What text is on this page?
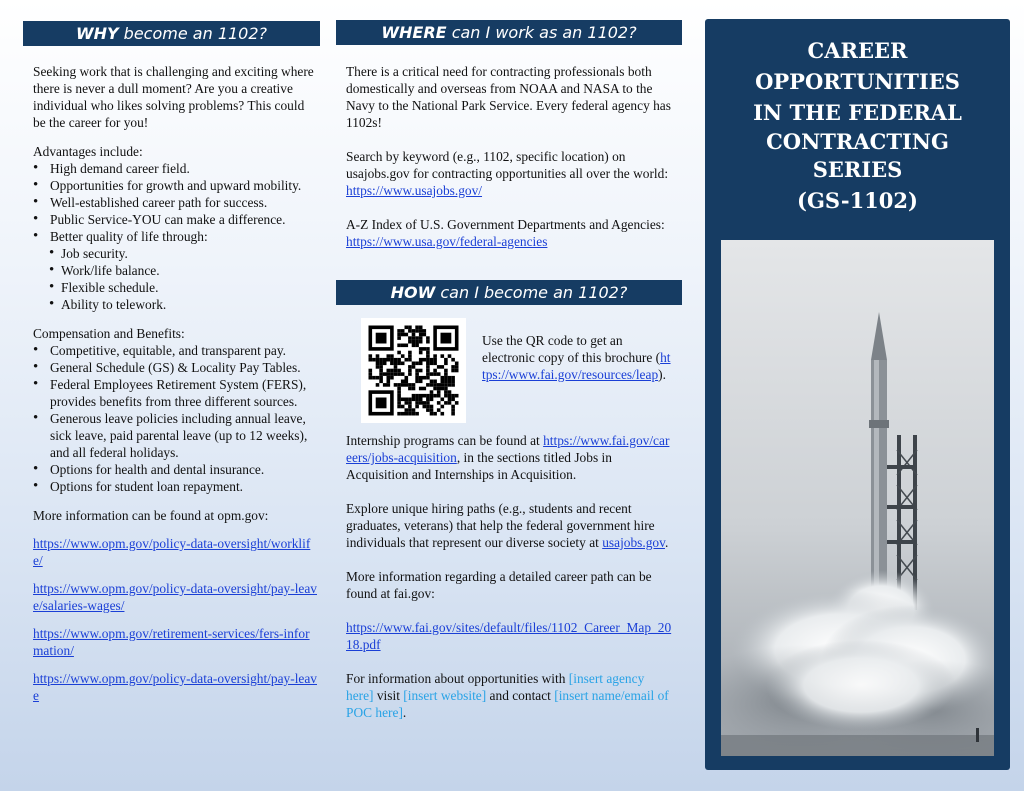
WHY become an 1102?

Seeking work that is challenging and exciting where there is never a dull moment? Are you a creative individual who likes solving problems? This could be the career for you!

Advantages include:

• High demand career field.
• Opportunities for growth and upward mobility.
• Well-established career path for success.
• Public Service-YOU can make a difference.
• Better quality of life through:
• Job security.
• Work/life balance.
• Flexible schedule.
• Ability to telework.

Compensation and Benefits:

• Competitive, equitable, and transparent pay.
• General Schedule (GS) & Locality Pay Tables.
• Federal Employees Retirement System (FERS), provides benefits from three different sources.
• Generous leave policies including annual leave, sick leave, paid parental leave (up to 12 weeks), and all federal holidays.
• Options for health and dental insurance.
• Options for student loan repayment.

More information can be found at opm.gov:

https://www.opm.gov/policy-data-oversight/worklife/

https://www.opm.gov/policy-data-oversight/pay-leave/salaries-wages/

https://www.opm.gov/retirement-services/fers-information/

https://www.opm.gov/policy-data-oversight/pay-leave

WHERE can I work as an 1102?

There is a critical need for contracting professionals both domestically and overseas from NOAA and NASA to the Navy to the National Park Service. Every federal agency has 1102s!

Search by keyword (e.g., 1102, specific location) on usajobs.gov for contracting opportunities all over the world: https://www.usajobs.gov/

A-Z Index of U.S. Government Departments and Agencies: https://www.usa.gov/federal-agencies

HOW can I become an 1102?
Use the QR code to get an electronic copy of this brochure (https://www.fai.gov/resources/leap).

Internship programs can be found at https://www.fai.gov/careers/jobs-acquisition, in the sections titled Jobs in Acquisition and Internships in Acquisition.

Explore unique hiring paths (e.g., students and recent graduates, veterans) that help the federal government hire individuals that represent our diverse society at usajobs.gov.

More information regarding a detailed career path can be found at fai.gov:

https://www.fai.gov/sites/default/files/1102_Career_Map_2018.pdf

For information about opportunities with [insert agency here] visit [insert website] and contact [insert name/email of POC here].

CAREER
OPPORTUNITIES
IN THE FEDERAL
CONTRACTING
SERIES
(GS-1102)
